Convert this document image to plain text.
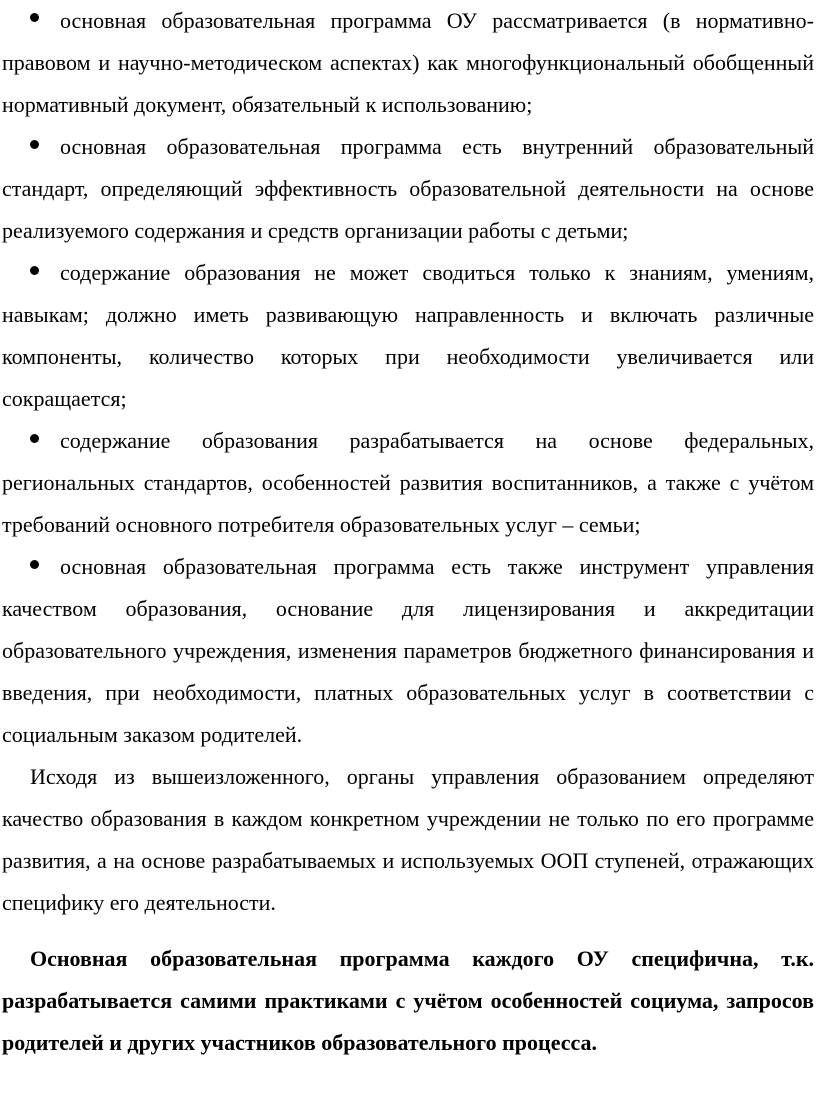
основная образовательная программа ОУ рассматривается (в нормативно-правовом и научно-методическом аспектах) как многофункциональный обобщенный нормативный документ, обязательный к использованию;

основная образовательная программа есть внутренний образовательный стандарт, определяющий эффективность образовательной деятельности на основе реализуемого содержания и средств организации работы с детьми;

содержание образования не может сводиться только к знаниям, умениям, навыкам; должно иметь развивающую направленность и включать различные компоненты, количество которых при необходимости увеличивается или сокращается;

содержание образования разрабатывается на основе федеральных, региональных стандартов, особенностей развития воспитанников, а также с учётом требований основного потребителя образовательных услуг – семьи;

основная образовательная программа есть также инструмент управления качеством образования, основание для лицензирования и аккредитации образовательного учреждения, изменения параметров бюджетного финансирования и введения, при необходимости, платных образовательных услуг в соответствии с социальным заказом родителей.

Исходя из вышеизложенного, органы управления образованием определяют качество образования в каждом конкретном учреждении не только по его программе развития, а на основе разрабатываемых и используемых ООП ступеней, отражающих специфику его деятельности.

Основная образовательная программа каждого ОУ специфична, т.к. разрабатывается самими практиками с учётом особенностей социума, запросов родителей и других участников образовательного процесса.
